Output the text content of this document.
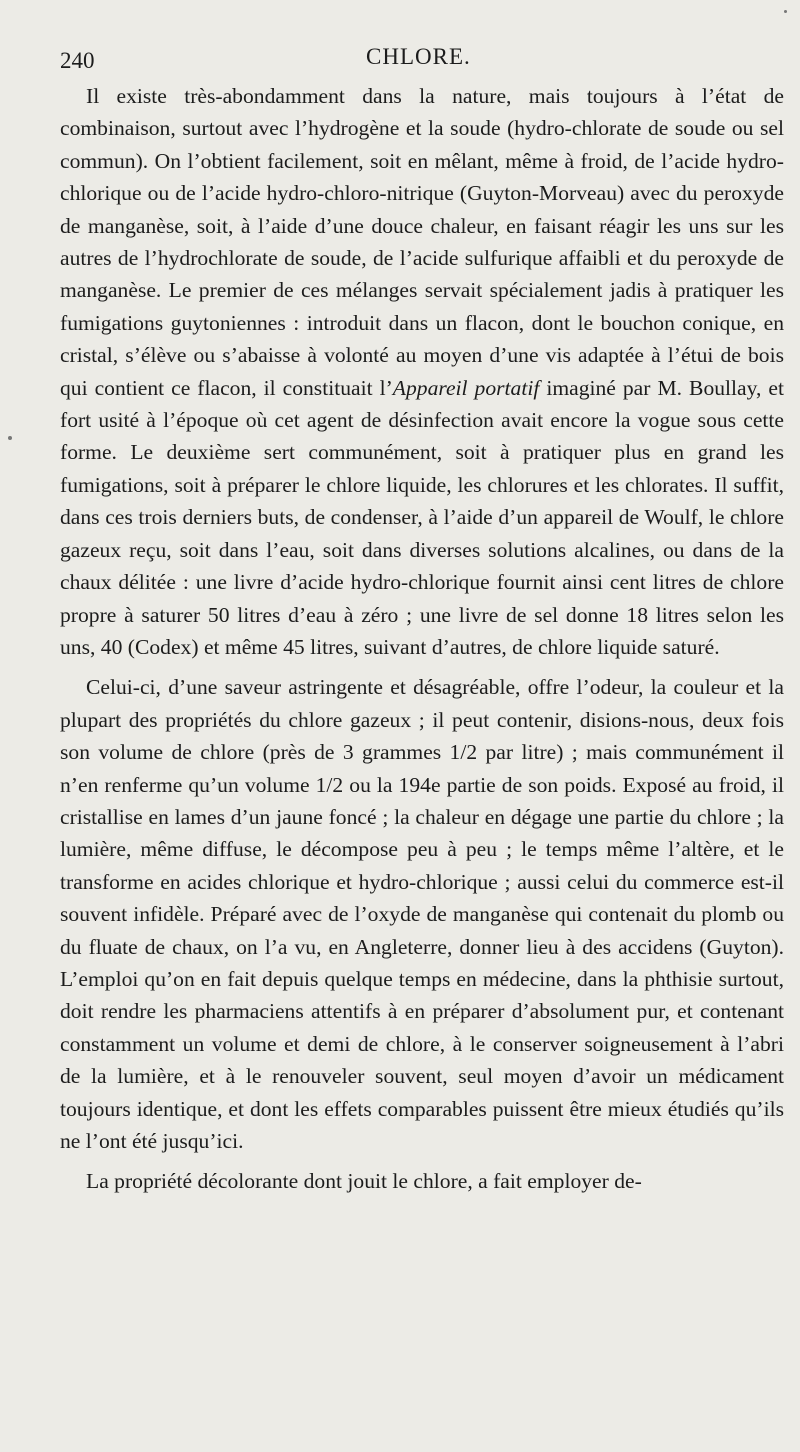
240	CHLORE.

Il existe très-abondamment dans la nature, mais toujours à l’état de combinaison, surtout avec l’hydrogène et la soude (hydro-chlorate de soude ou sel commun). On l’obtient facilement, soit en mêlant, même à froid, de l’acide hydro-chlorique ou de l’acide hydro-chloro-nitrique (Guyton-Morveau) avec du peroxyde de manganèse, soit, à l’aide d’une douce chaleur, en faisant réagir les uns sur les autres de l’hydrochlorate de soude, de l’acide sulfurique affaibli et du peroxyde de manganèse. Le premier de ces mélanges servait spécialement jadis à pratiquer les fumigations guytoniennes : introduit dans un flacon, dont le bouchon conique, en cristal, s’élève ou s’abaisse à volonté au moyen d’une vis adaptée à l’étui de bois qui contient ce flacon, il constituait l’Appareil portatif imaginé par M. Boullay, et fort usité à l’époque où cet agent de désinfection avait encore la vogue sous cette forme. Le deuxième sert communément, soit à pratiquer plus en grand les fumigations, soit à préparer le chlore liquide, les chlorures et les chlorates. Il suffit, dans ces trois derniers buts, de condenser, à l’aide d’un appareil de Woulf, le chlore gazeux reçu, soit dans l’eau, soit dans diverses solutions alcalines, ou dans de la chaux délitée : une livre d’acide hydro-chlorique fournit ainsi cent litres de chlore propre à saturer 50 litres d’eau à zéro ; une livre de sel donne 18 litres selon les uns, 40 (Codex) et même 45 litres, suivant d’autres, de chlore liquide saturé.

Celui-ci, d’une saveur astringente et désagréable, offre l’odeur, la couleur et la plupart des propriétés du chlore gazeux ; il peut contenir, disions-nous, deux fois son volume de chlore (près de 3 grammes 1/2 par litre) ; mais communément il n’en renferme qu’un volume 1/2 ou la 194e partie de son poids. Exposé au froid, il cristallise en lames d’un jaune foncé ; la chaleur en dégage une partie du chlore ; la lumière, même diffuse, le décompose peu à peu ; le temps même l’altère, et le transforme en acides chlorique et hydro-chlorique ; aussi celui du commerce est-il souvent infidèle. Préparé avec de l’oxyde de manganèse qui contenait du plomb ou du fluate de chaux, on l’a vu, en Angleterre, donner lieu à des accidens (Guyton). L’emploi qu’on en fait depuis quelque temps en médecine, dans la phthisie surtout, doit rendre les pharmaciens attentifs à en préparer d’absolument pur, et contenant constamment un volume et demi de chlore, à le conserver soigneusement à l’abri de la lumière, et à le renouveler souvent, seul moyen d’avoir un médicament toujours identique, et dont les effets comparables puissent être mieux étudiés qu’ils ne l’ont été jusqu’ici.

La propriété décolorante dont jouit le chlore, a fait employer de-
